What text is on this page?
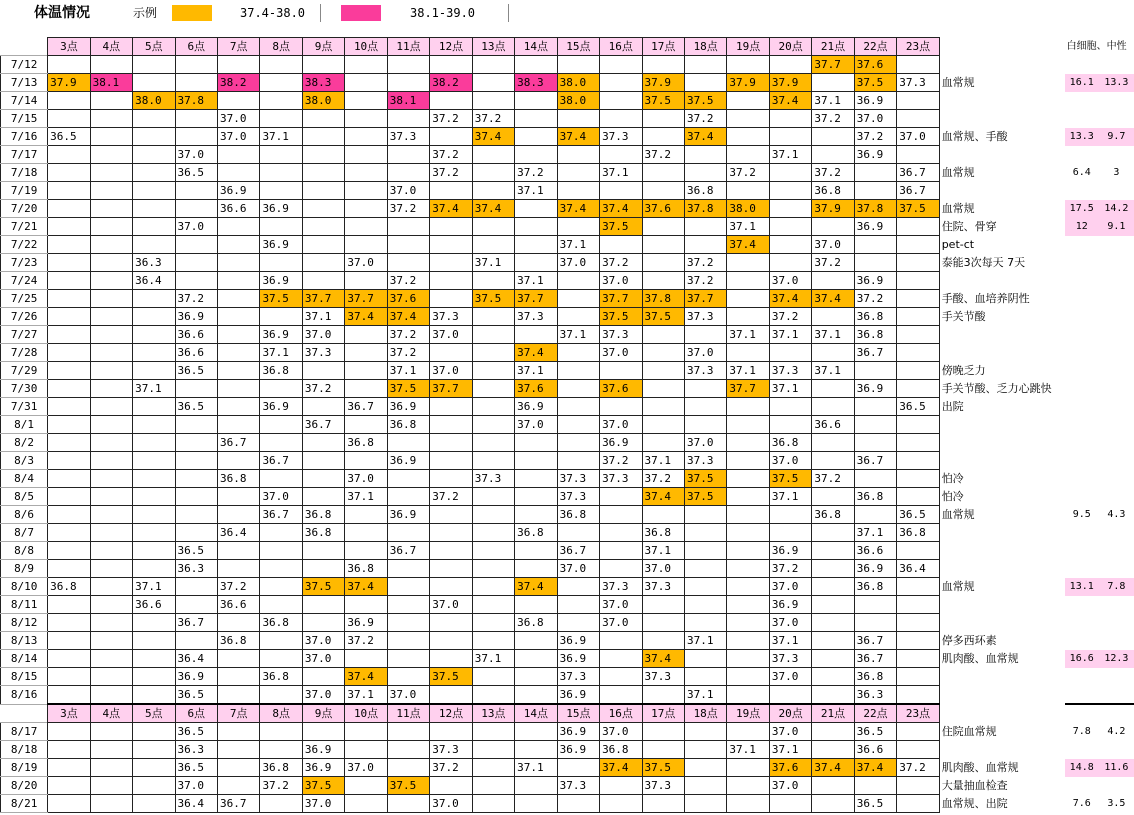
体温情况	示例	37.4-38.0	38.1-39.0
	3点	4点	5点	6点	7点	8点	9点	10点	11点	12点	13点	14点	15点	16点	17点	18点	19点	20点	21点	22点	23点		白细胞、中性	
7/12																			37.7	37.6				
7/13	37.9	38.1			38.2		38.3			38.2		38.3	38.0		37.9		37.9	37.9		37.5	37.3	血常规	16.1	13.3
7/14			38.0	37.8			38.0		38.1				38.0		37.5	37.5		37.4	37.1	36.9				
7/15					37.0					37.2	37.2					37.2			37.2	37.0				
7/16	36.5				37.0	37.1			37.3		37.4		37.4	37.3		37.4				37.2	37.0	血常规、手酸	13.3	9.7
7/17				37.0						37.2					37.2			37.1		36.9				
7/18				36.5						37.2		37.2		37.1			37.2		37.2		36.7	血常规	6.4	3
7/19					36.9				37.0			37.1				36.8			36.8		36.7			
7/20					36.6	36.9			37.2	37.4	37.4		37.4	37.4	37.6	37.8	38.0		37.9	37.8	37.5	血常规	17.5	14.2
7/21				37.0										37.5			37.1			36.9		住院、骨穿	12	9.1
7/22						36.9							37.1				37.4		37.0			pet-ct		
7/23			36.3					37.0			37.1		37.0	37.2		37.2			37.2			泰能3次每天 7天		
7/24			36.4			36.9			37.2			37.1		37.0		37.2		37.0		36.9				
7/25				37.2		37.5	37.7	37.7	37.6		37.5	37.7		37.7	37.8	37.7		37.4	37.4	37.2		手酸、血培养阴性		
7/26				36.9			37.1	37.4	37.4	37.3		37.3		37.5	37.5	37.3		37.2		36.8		手关节酸		
7/27				36.6		36.9	37.0		37.2	37.0			37.1	37.3			37.1	37.1	37.1	36.8				
7/28				36.6		37.1	37.3		37.2			37.4		37.0		37.0				36.7				
7/29				36.5		36.8			37.1	37.0		37.1				37.3	37.1	37.3	37.1			傍晚乏力		
7/30			37.1				37.2		37.5	37.7		37.6		37.6			37.7	37.1		36.9		手关节酸、乏力心跳快		
7/31				36.5		36.9		36.7	36.9			36.9									36.5	出院		
8/1							36.7		36.8			37.0		37.0					36.6					
8/2					36.7			36.8						36.9		37.0		36.8						
8/3						36.7			36.9					37.2	37.1	37.3		37.0		36.7				
8/4					36.8			37.0			37.3		37.3	37.3	37.2	37.5		37.5	37.2			怕冷		
8/5						37.0		37.1		37.2			37.3		37.4	37.5		37.1		36.8		怕冷		
8/6						36.7	36.8		36.9				36.8						36.8		36.5	血常规	9.5	4.3
8/7					36.4		36.8					36.8			36.8					37.1	36.8			
8/8				36.5					36.7				36.7		37.1			36.9		36.6				
8/9				36.3				36.8					37.0		37.0			37.2		36.9	36.4			
8/10	36.8		37.1		37.2		37.5	37.4				37.4		37.3	37.3			37.0		36.8		血常规	13.1	7.8
8/11			36.6		36.6					37.0				37.0				36.9						
8/12				36.7		36.8		36.9				36.8		37.0				37.0						
8/13					36.8		37.0	37.2					36.9			37.1		37.1		36.7		停多西环素		
8/14				36.4			37.0				37.1		36.9		37.4			37.3		36.7		肌肉酸、血常规	16.6	12.3
8/15				36.9		36.8		37.4		37.5			37.3		37.3			37.0		36.8				
8/16				36.5			37.0	37.1	37.0				36.9			37.1				36.3				
	3点	4点	5点	6点	7点	8点	9点	10点	11点	12点	13点	14点	15点	16点	17点	18点	19点	20点	21点	22点	23点			
8/17				36.5									36.9	37.0				37.0		36.5		住院血常规	7.8	4.2
8/18				36.3			36.9			37.3			36.9	36.8			37.1	37.1		36.6				
8/19				36.5		36.8	36.9	37.0		37.2		37.1		37.4	37.5			37.6	37.4	37.4	37.2	肌肉酸、血常规	14.8	11.6
8/20				37.0		37.2	37.5		37.5				37.3		37.3			37.0				大量抽血检查		
8/21				36.4	36.7		37.0			37.0										36.5		血常规、出院	7.6	3.5
